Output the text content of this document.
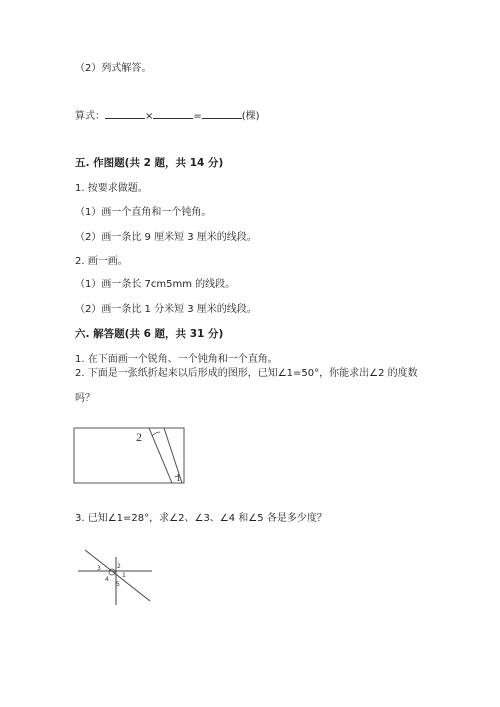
（2）列式解答。
算式：	×	=	(棵)
五. 作图题(共 2 题，共 14 分)
1. 按要求做题。
（1）画一个直角和一个钝角。
（2）画一条比 9 厘米短 3 厘米的线段。
2. 画一画。
（1）画一条长 7cm5mm 的线段。
（2）画一条比 1 分米短 3 厘米的线段。
六. 解答题(共 6 题，共 31 分)
1. 在下面画一个锐角、一个钝角和一个直角。
2. 下面是一张纸折起来以后形成的图形，已知∠1=50°，你能求出∠2 的度数
吗？
2
1
3. 已知∠1=28°，求∠2、∠3、∠4 和∠5 各是多少度？
3	2
1
4
5
